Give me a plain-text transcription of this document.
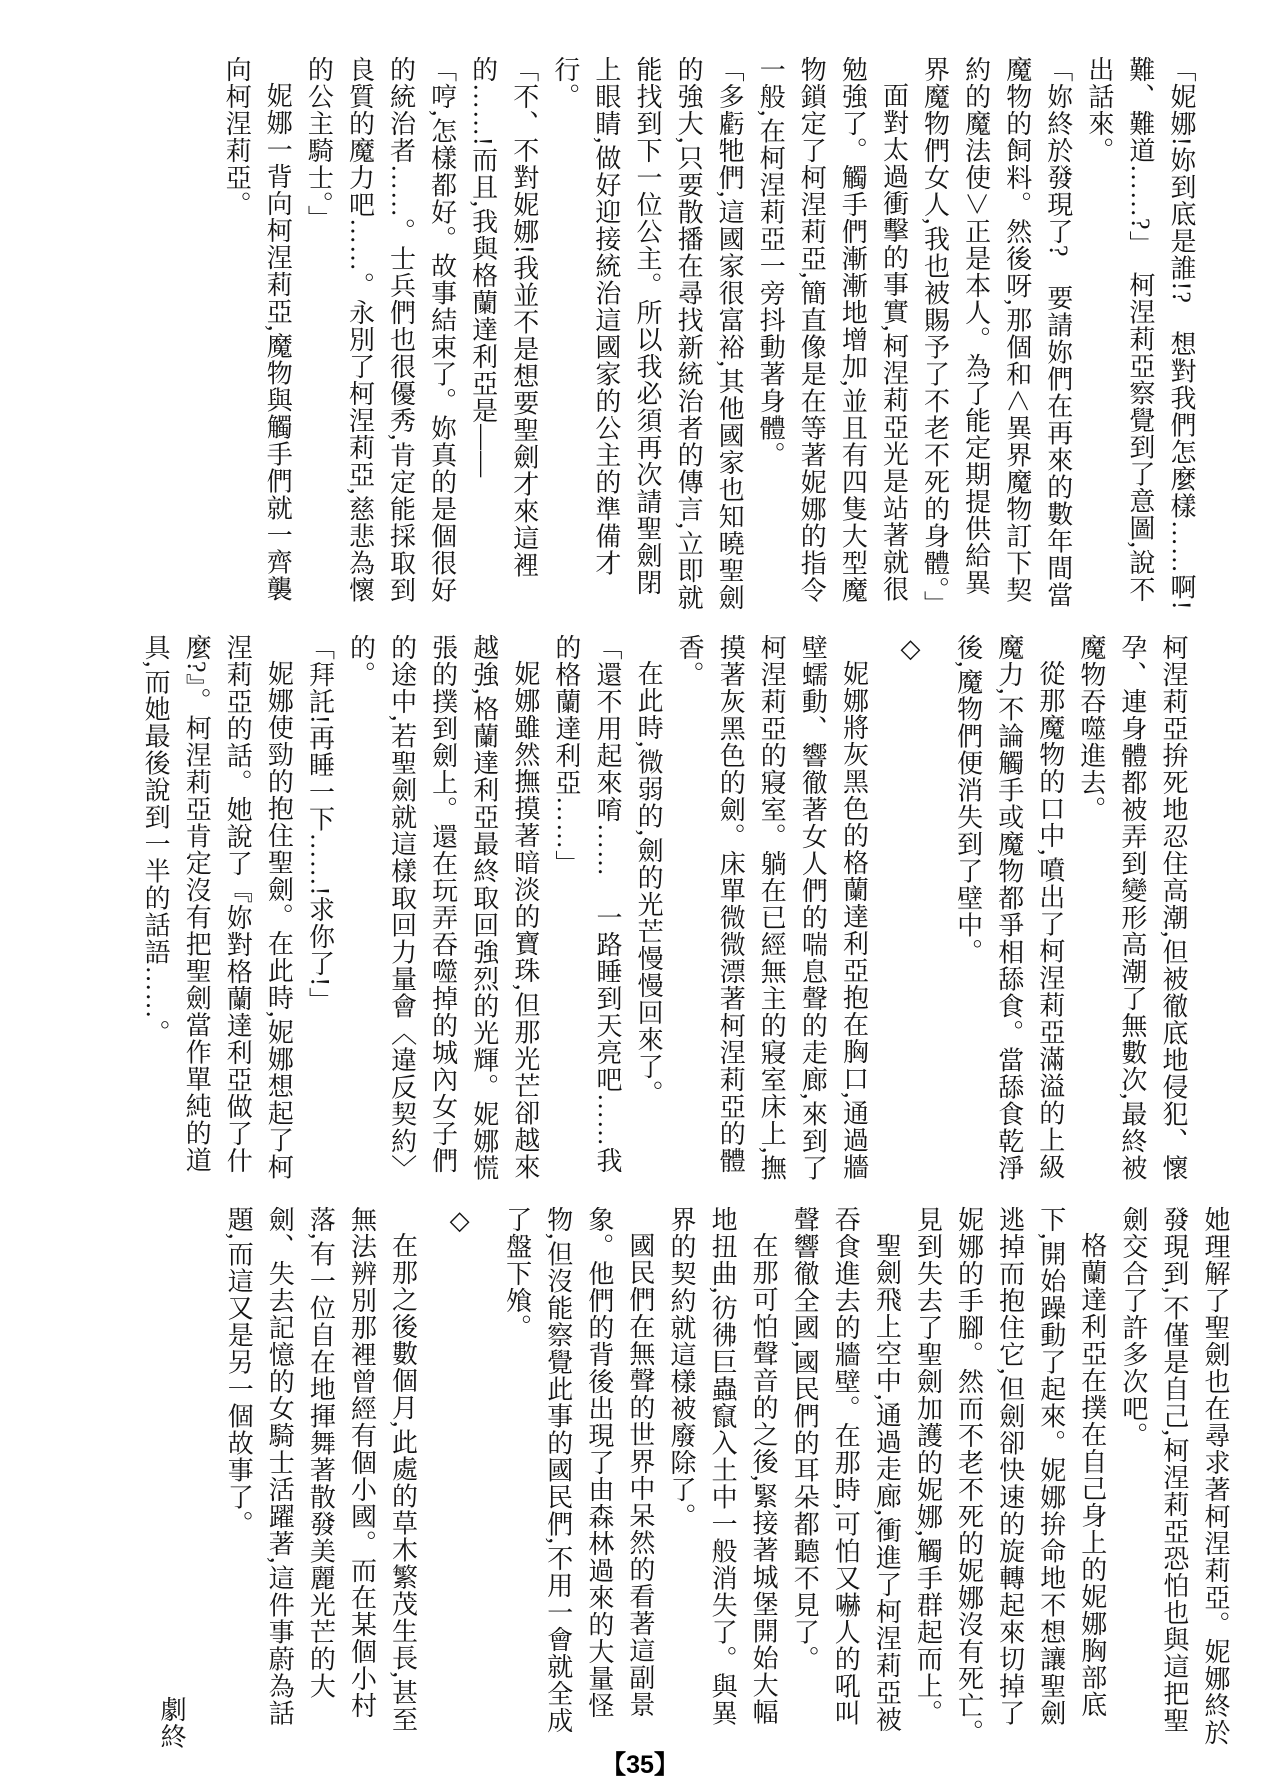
「妮娜!妳到底是誰!?　想對我們怎麼樣……啊!難、難道……?」　柯涅莉亞察覺到了意圖,說不出話來。

「妳終於發現了?　要請妳們在再來的數年間當魔物的飼料。然後呀,那個和＜異界魔物訂下契約的魔法使＞正是本人。為了能定期提供給異界魔物們女人,我也被賜予了不老不死的身體。」

面對太過衝擊的事實,柯涅莉亞光是站著就很勉強了。觸手們漸漸地增加,並且有四隻大型魔物鎖定了柯涅莉亞,簡直像是在等著妮娜的指令一般,在柯涅莉亞一旁抖動著身體。

「多虧牠們,這國家很富裕,其他國家也知曉聖劍的強大,只要散播在尋找新統治者的傳言,立即就能找到下一位公主。所以我必須再次請聖劍閉上眼睛,做好迎接統治這國家的公主的準備才行。

「不、不對妮娜!我並不是想要聖劍才來這裡的……!而且,我與格蘭達利亞是——

「哼,怎樣都好。故事結束了。妳真的是個很好的統治者……。士兵們也很優秀,肯定能採取到良質的魔力吧……。永別了柯涅莉亞,慈悲為懷的公主騎士。」

妮娜一背向柯涅莉亞,魔物與觸手們就一齊襲向柯涅莉亞。

柯涅莉亞拚死地忍住高潮,但被徹底地侵犯、懷孕、連身體都被弄到變形高潮了無數次,最終被魔物吞噬進去。

從那魔物的口中,噴出了柯涅莉亞滿溢的上級魔力,不論觸手或魔物都爭相舔食。當舔食乾淨後,魔物們便消失到了壁中。

◇

妮娜將灰黑色的格蘭達利亞抱在胸口,通過牆壁蠕動、響徹著女人們的喘息聲的走廊,來到了柯涅莉亞的寢室。躺在已經無主的寢室床上,撫摸著灰黑色的劍。床單微微漂著柯涅莉亞的體香。

在此時,微弱的,劍的光芒慢慢回來了。

「還不用起來唷……　一路睡到天亮吧……我的格蘭達利亞……」

妮娜雖然撫摸著暗淡的寶珠,但那光芒卻越來越強,格蘭達利亞最終取回強烈的光輝。妮娜慌張的撲到劍上。還在玩弄吞噬掉的城內女子們的途中,若聖劍就這樣取回力量會〈違反契約〉的。

「拜託!再睡一下……!求你了!」

妮娜使勁的抱住聖劍。在此時,妮娜想起了柯涅莉亞的話。她說了『妳對格蘭達利亞做了什麼?』。柯涅莉亞肯定沒有把聖劍當作單純的道具,而她最後說到一半的話語……。

她理解了聖劍也在尋求著柯涅莉亞。妮娜終於發現到,不僅是自己,柯涅莉亞恐怕也與這把聖劍交合了許多次吧。

格蘭達利亞在撲在自己身上的妮娜胸部底下,開始躁動了起來。妮娜拚命地不想讓聖劍逃掉而抱住它,但劍卻快速的旋轉起來切掉了妮娜的手腳。然而不老不死的妮娜沒有死亡。見到失去了聖劍加護的妮娜,觸手群起而上。

聖劍飛上空中,通過走廊,衝進了柯涅莉亞被吞食進去的牆壁。在那時,可怕又嚇人的吼叫聲響徹全國,國民們的耳朵都聽不見了。

在那可怕聲音的之後,緊接著城堡開始大幅地扭曲,彷彿巨蟲竄入土中一般消失了。與異界的契約就這樣被廢除了。

國民們在無聲的世界中呆然的看著這副景象。他們的背後出現了由森林過來的大量怪物,但沒能察覺此事的國民們,不用一會就全成了盤下飧。

◇

在那之後數個月,此處的草木繁茂生長,甚至無法辨別那裡曾經有個小國。而在某個小村落,有一位自在地揮舞著散發美麗光芒的大劍、失去記憶的女騎士活躍著,這件事蔚為話題,而這又是另一個故事了。

劇終

【35】
